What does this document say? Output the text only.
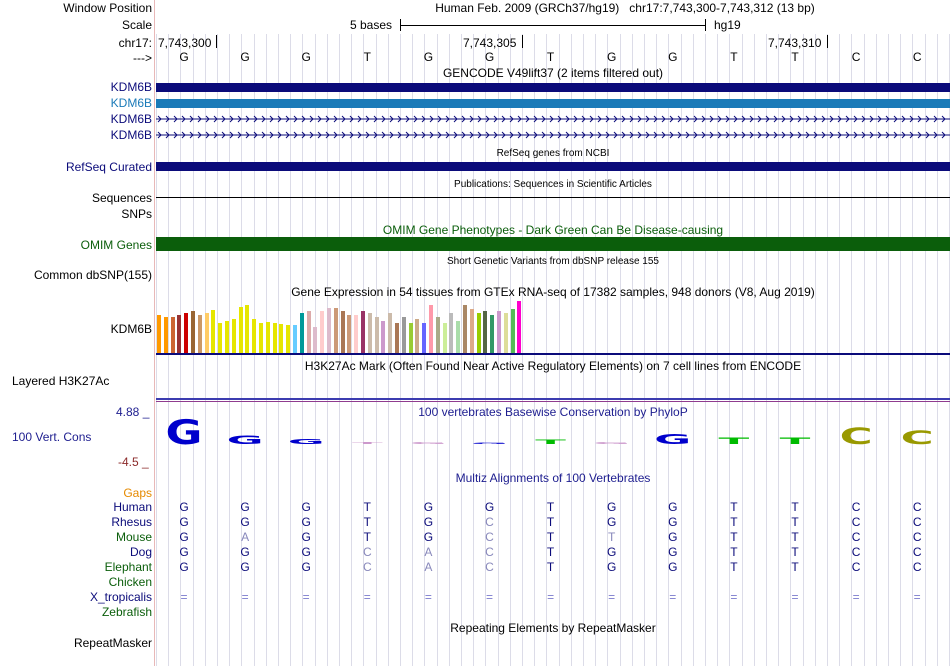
Window Position	Human Feb. 2009 (GRCh37/hg19)   chr17:7,743,300-7,743,312 (13 bp)
Scale	5 bases	hg19
chr17: 7,743,300	7,743,305	7,743,310
--->	G	G	G	T	G	G	T	G	G	T	T	C	C
GENCODE V49lift37 (2 items filtered out)
KDM6B
KDM6B
KDM6B
KDM6B
RefSeq genes from NCBI
RefSeq Curated
Publications: Sequences in Scientific Articles
Sequences
SNPs
OMIM Gene Phenotypes - Dark Green Can Be Disease-causing
OMIM Genes
Short Genetic Variants from dbSNP release 155
Common dbSNP(155)
Gene Expression in 54 tissues from GTEx RNA-seq of 17382 samples, 948 donors (V8, Aug 2019)
KDM6B
H3K27Ac Mark (Often Found Near Active Regulatory Elements) on 7 cell lines from ENCODE
Layered H3K27Ac
4.88 _	100 vertebrates Basewise Conservation by PhyloP
100 Vert. Cons
-4.5 _
G G G T G G T G G T T C C
Multiz Alignments of 100 Vertebrates
Gaps
Human	G	G	G	T	G	G	T	G	G	T	T	C	C
Rhesus	G	G	G	T	G	C	T	G	G	T	T	C	C
Mouse	G	A	G	T	G	C	T	T	G	T	T	C	C
Dog	G	G	G	C	A	C	T	G	G	T	T	C	C
Elephant	G	G	G	C	A	C	T	G	G	T	T	C	C
Chicken
X_tropicalis	=	=	=	=	=	=	=	=	=	=	=	=	=
Zebrafish
Repeating Elements by RepeatMasker
RepeatMasker
